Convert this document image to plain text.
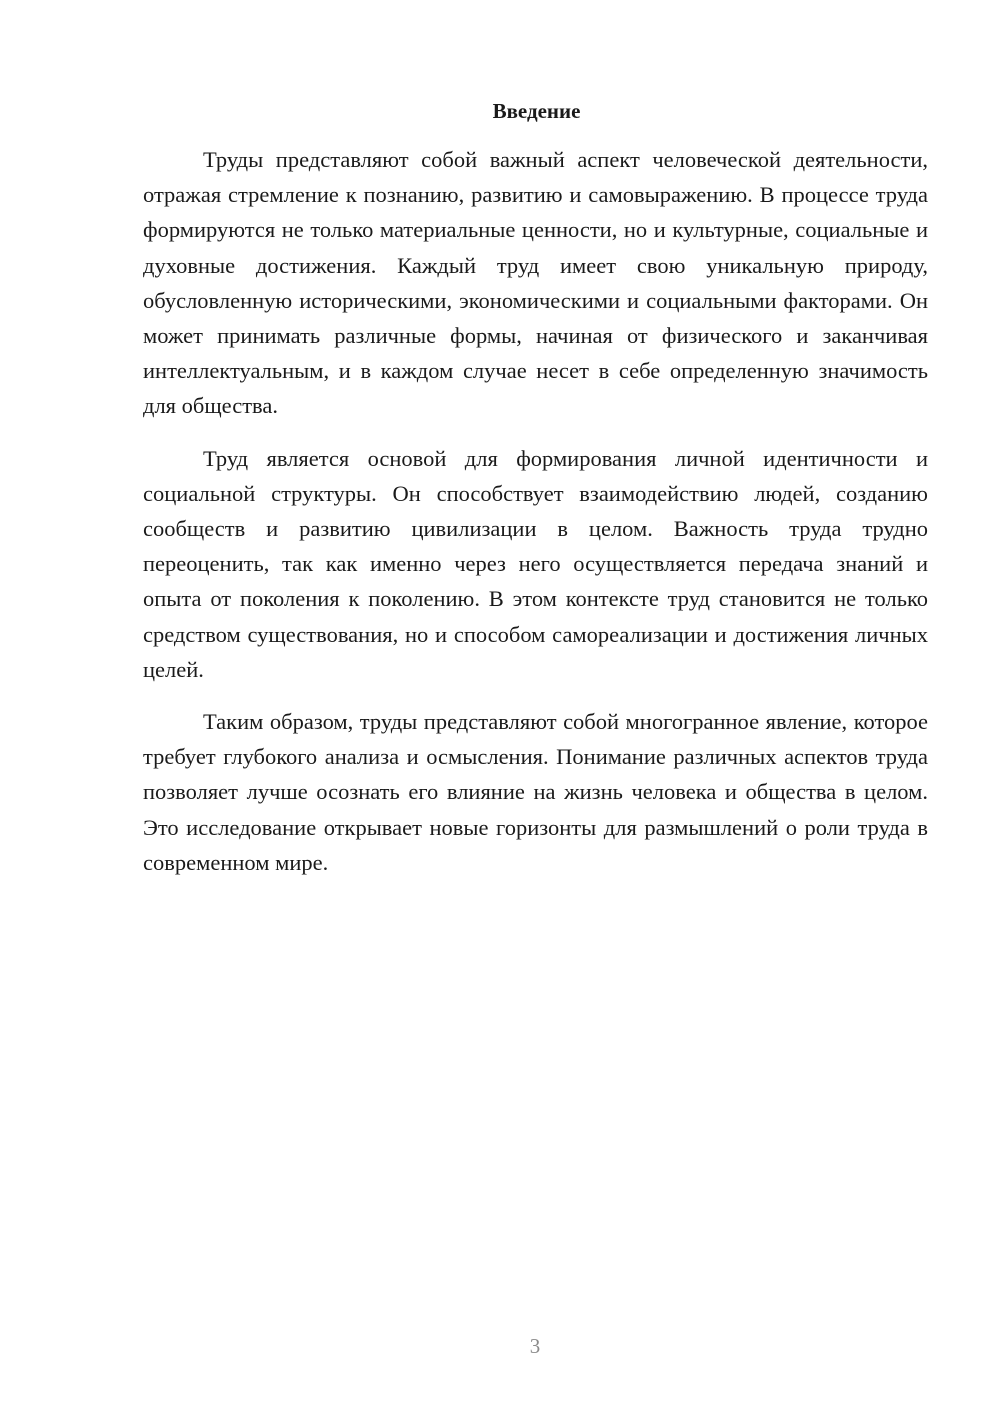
Введение

Труды представляют собой важный аспект человеческой деятельности, отражая стремление к познанию, развитию и самовыражению. В процессе труда формируются не только материальные ценности, но и культурные, социальные и духовные достижения. Каждый труд имеет свою уникальную природу, обусловленную историческими, экономическими и социальными факторами. Он может принимать различные формы, начиная от физического и заканчивая интеллектуальным, и в каждом случае несет в себе определенную значимость для общества.

Труд является основой для формирования личной идентичности и социальной структуры. Он способствует взаимодействию людей, созданию сообществ и развитию цивилизации в целом. Важность труда трудно переоценить, так как именно через него осуществляется передача знаний и опыта от поколения к поколению. В этом контексте труд становится не только средством существования, но и способом самореализации и достижения личных целей.

Таким образом, труды представляют собой многогранное явление, которое требует глубокого анализа и осмысления. Понимание различных аспектов труда позволяет лучше осознать его влияние на жизнь человека и общества в целом. Это исследование открывает новые горизонты для размышлений о роли труда в современном мире.

3
